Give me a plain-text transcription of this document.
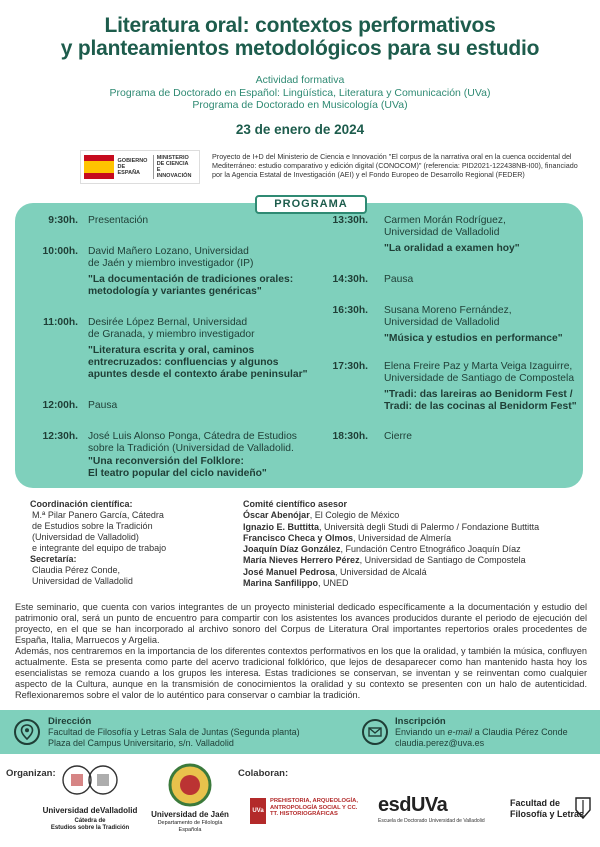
Literatura oral: contextos performativos
y planteamientos metodológicos para su estudio
Actividad formativa
Programa de Doctorado en Español: Lingüística, Literatura y Comunicación (UVa)
Programa de Doctorado en Musicología (UVa)
23 de enero de 2024
GOBIERNO
DE ESPAÑA
MINISTERIO
DE CIENCIA
E INNOVACIÓN
Proyecto de I+D del Ministerio de Ciencia e Innovación "El corpus de la narrativa oral en la cuenca occidental del Mediterráneo: estudio comparativo y edición digital (CONOCOM)" (referencia: PID2021-122438NB-I00), financiado por la Agencia Estatal de Investigación (AEI) y el Fondo Europeo de Desarrollo Regional (FEDER)
PROGRAMA
9:30h. Presentación
10:00h. David Mañero Lozano, Universidad
de Jaén y miembro investigador (IP)
"La documentación de tradiciones orales:
metodología y variantes genéricas"
11:00h. Desirée López Bernal, Universidad
de Granada, y miembro investigador
"Literatura escrita y oral, caminos
entrecruzados: confluencias y algunos
apuntes desde el contexto árabe peninsular"
12:00h. Pausa
12:30h. José Luis Alonso Ponga, Cátedra de Estudios
sobre la Tradición (Universidad de Valladolid.
"Una reconversión del Folklore:
El teatro popular del ciclo navideño"
13:30h. Carmen Morán Rodríguez,
Universidad de Valladolid
"La oralidad a examen hoy"
14:30h. Pausa
16:30h. Susana Moreno Fernández,
Universidad de Valladolid
"Música y estudios en performance"
17:30h. Elena Freire Paz y Marta Veiga Izaguirre,
Universidade de Santiago de Compostela
"Tradi: das lareiras ao Benidorm Fest /
Tradi: de las cocinas al Benidorm Fest"
18:30h. Cierre
Coordinación científica:
M.ª Pilar Panero García, Cátedra
de Estudios sobre la Tradición
(Universidad de Valladolid)
e integrante del equipo de trabajo
Secretaría:
Claudia Pérez Conde,
Universidad de Valladolid
Comité científico asesor
Óscar Abenójar, El Colegio de México
Ignazio E. Buttitta, Università degli Studi di Palermo / Fondazione Buttitta
Francisco Checa y Olmos, Universidad de Almería
Joaquín Díaz González, Fundación Centro Etnográfico Joaquín Díaz
María Nieves Herrero Pérez, Universidad de Santiago de Compostela
José Manuel Pedrosa, Universidad de Alcalá
Marina Sanfilippo, UNED
Este seminario, que cuenta con varios integrantes de un proyecto ministerial dedicado específicamente a la documentación y estudio del patrimonio oral, será un punto de encuentro para compartir con los asistentes los avances producidos durante el periodo de ejecución del proyecto, en el que se han incorporado al archivo sonoro del Corpus de Literatura Oral importantes repertorios orales procedentes de España, Italia, Marruecos y Argelia.
Además, nos centraremos en la importancia de los diferentes contextos performativos en los que la oralidad, y también la música, confluyen actualmente. Esta se presenta como parte del acervo tradicional folklórico, que lejos de desaparecer como han mantenido hasta hoy los esencialistas se remoza cuando a los grupos les interesa. Estas tradiciones se conservan, se inventan y se reinventan como cualquier aspecto de la Cultura, aunque en la transmisión de conocimientos la oralidad y su contexto se presenten con un halo de autenticidad. Reflexionaremos sobre el valor de lo auténtico para conservar o cambiar la tradición.
Dirección
Facultad de Filosofía y Letras Sala de Juntas (Segunda planta)
Plaza del Campus Universitario, s/n. Valladolid
Inscripción
Enviando un e-mail a Claudia Pérez Conde
claudia.perez@uva.es
Organizan:	Colaboran:
Universidad deValladolid
Cátedra de
Estudios sobre la Tradición
Universidad de Jaén
Departamento de Filología
Española
UVa
PREHISTORIA, ARQUEOLOGÍA, ANTROPOLOGÍA SOCIAL Y CC. TT. HISTORIOGRÁFICAS	esdUVa
Escuela de Doctorado Universidad de Valladolid
Facultad de
Filosofía y Letras
